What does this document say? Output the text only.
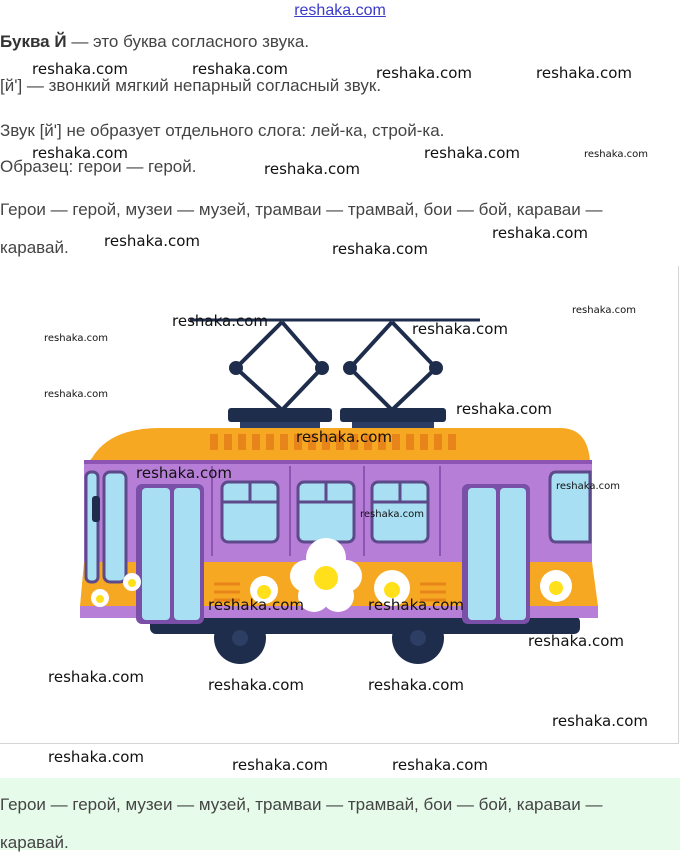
reshaka.com
Буква Й — это буква согласного звука.
[й'] — звонкий мягкий непарный согласный звук.
Звук [й'] не образует отдельного слога: лей-ка, строй-ка.
Образец: герои — герой.
Герои — герой, музеи — музей, трамваи — трамвай, бои — бой, караваи — каравай.
Герои — герой, музеи — музей, трамваи — трамвай, бои — бой, караваи — каравай.
reshaka.com	reshaka.com	reshaka.com	reshaka.com
reshaka.com	reshaka.com	reshaka.com
reshaka.com
reshaka.com
reshaka.com	reshaka.com
reshaka.com
reshaka.com	reshaka.com
reshaka.com
reshaka.com
reshaka.com
reshaka.com
reshaka.com
reshaka.com
reshaka.com
reshaka.com	reshaka.com
reshaka.com
reshaka.com	reshaka.com	reshaka.com
reshaka.com
reshaka.com	reshaka.com	reshaka.com
